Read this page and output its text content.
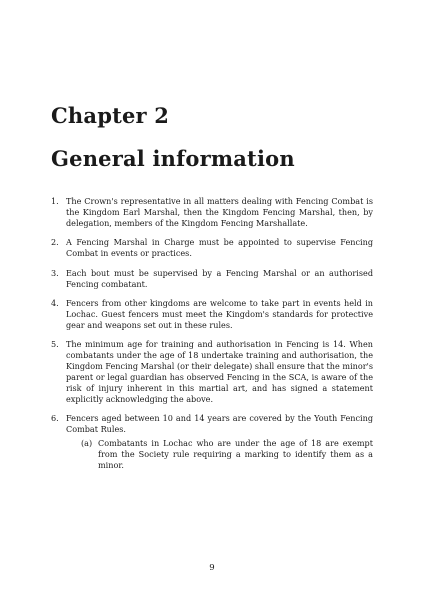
Chapter 2
General information
1. The Crown's representative in all matters dealing with Fencing Combat is the Kingdom Earl Marshal, then the Kingdom Fencing Marshal, then, by delegation, members of the Kingdom Fencing Marshallate.
2. A Fencing Marshal in Charge must be appointed to supervise Fencing Combat in events or practices.
3. Each bout must be supervised by a Fencing Marshal or an authorised Fencing combatant.
4. Fencers from other kingdoms are welcome to take part in events held in Lochac. Guest fencers must meet the Kingdom's standards for protective gear and weapons set out in these rules.
5. The minimum age for training and authorisation in Fencing is 14. When combatants under the age of 18 undertake training and authorisation, the Kingdom Fencing Marshal (or their delegate) shall ensure that the minor's parent or legal guardian has observed Fencing in the SCA, is aware of the risk of injury inherent in this martial art, and has signed a statement explicitly acknowledging the above.
6. Fencers aged between 10 and 14 years are covered by the Youth Fencing Combat Rules.
(a) Combatants in Lochac who are under the age of 18 are exempt from the Society rule requiring a marking to identify them as a minor.
9
